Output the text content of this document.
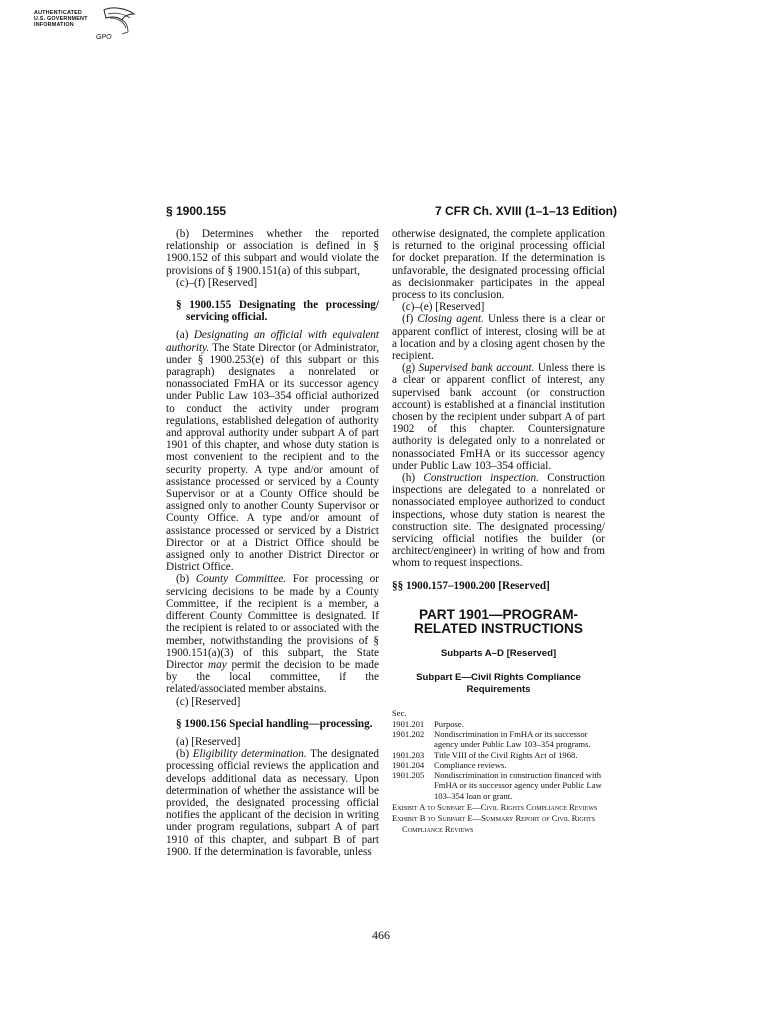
AUTHENTICATED
U.S. GOVERNMENT
INFORMATION
GPO
§ 1900.155	7 CFR Ch. XVIII (1–1–13 Edition)

(b) Determines whether the reported relationship or association is defined in § 1900.152 of this subpart and would violate the provisions of § 1900.151(a) of this subpart,

(c)–(f) [Reserved]

§ 1900.155 Designating the processing/ servicing official.

(a) Designating an official with equivalent authority. The State Director (or Administrator, under § 1900.253(e) of this subpart or this paragraph) designates a nonrelated or nonassociated FmHA or its successor agency under Public Law 103–354 official authorized to conduct the activity under program regulations, established delegation of authority and approval authority under subpart A of part 1901 of this chapter, and whose duty station is most convenient to the recipient and to the security property. A type and/or amount of assistance processed or serviced by a County Supervisor or at a County Office should be assigned only to another County Supervisor or County Office. A type and/or amount of assistance processed or serviced by a District Director or at a District Office should be assigned only to another District Director or District Office.

(b) County Committee. For processing or servicing decisions to be made by a County Committee, if the recipient is a member, a different County Committee is designated. If the recipient is related to or associated with the member, notwithstanding the provisions of § 1900.151(a)(3) of this subpart, the State Director may permit the decision to be made by the local committee, if the related/associated member abstains.

(c) [Reserved]

§ 1900.156 Special handling—processing.

(a) [Reserved]

(b) Eligibility determination. The designated processing official reviews the application and develops additional data as necessary. Upon determination of whether the assistance will be provided, the designated processing official notifies the applicant of the decision in writing under program regulations, subpart A of part 1910 of this chapter, and subpart B of part 1900. If the determination is favorable, unless

otherwise designated, the complete application is returned to the original processing official for docket preparation. If the determination is unfavorable, the designated processing official as decisionmaker participates in the appeal process to its conclusion.

(c)–(e) [Reserved]

(f) Closing agent. Unless there is a clear or apparent conflict of interest, closing will be at a location and by a closing agent chosen by the recipient.

(g) Supervised bank account. Unless there is a clear or apparent conflict of interest, any supervised bank account (or construction account) is established at a financial institution chosen by the recipient under subpart A of part 1902 of this chapter. Countersignature authority is delegated only to a nonrelated or nonassociated FmHA or its successor agency under Public Law 103–354 official.

(h) Construction inspection. Construction inspections are delegated to a nonrelated or nonassociated employee authorized to conduct inspections, whose duty station is nearest the construction site. The designated processing/ servicing official notifies the builder (or architect/engineer) in writing of how and from whom to request inspections.

§§ 1900.157–1900.200 [Reserved]

PART 1901—PROGRAM-RELATED INSTRUCTIONS
Subparts A–D [Reserved]
Subpart E—Civil Rights Compliance Requirements
Sec.
1901.201 Purpose.
1901.202 Nondiscrimination in FmHA or its successor agency under Public Law 103–354 programs.
1901.203 Title VIII of the Civil Rights Act of 1968.
1901.204 Compliance reviews.
1901.205 Nondiscrimination in construction financed with FmHA or its successor agency under Public Law 103–354 loan or grant.
Exhibit A to Subpart E—Civil Rights Compliance Reviews
Exhibit B to Subpart E—Summary Report of Civil Rights Compliance Reviews
466
